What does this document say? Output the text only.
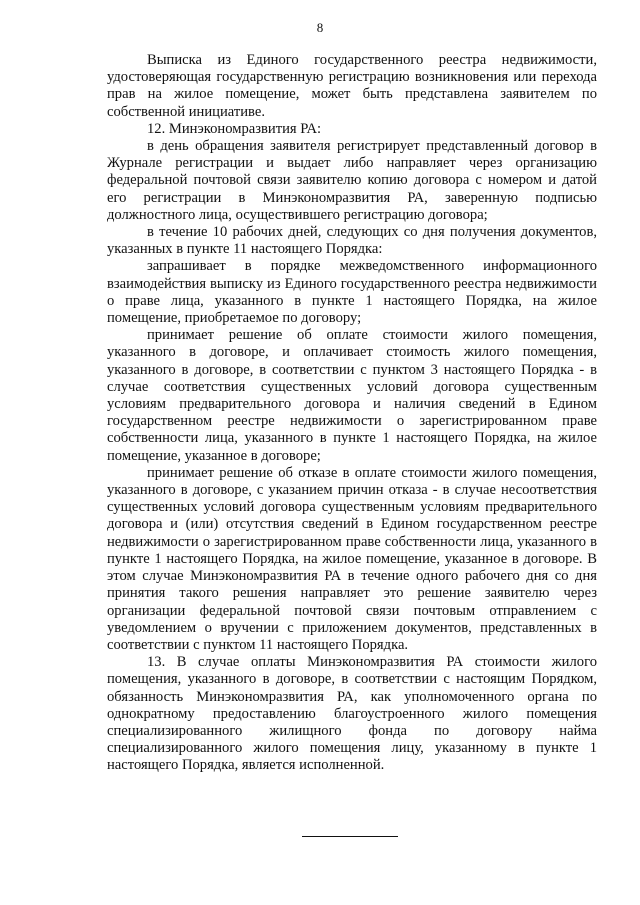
8

Выписка из Единого государственного реестра недвижимости, удостоверяющая государственную регистрацию возникновения или перехода прав на жилое помещение, может быть представлена заявителем по собственной инициативе.

12. Минэкономразвития РА:

в день обращения заявителя регистрирует представленный договор в Журнале регистрации и выдает либо направляет через организацию федеральной почтовой связи заявителю копию договора с номером и датой его регистрации в Минэкономразвития РА, заверенную подписью должностного лица, осуществившего регистрацию договора;

в течение 10 рабочих дней, следующих со дня получения документов, указанных в пункте 11 настоящего Порядка:

запрашивает в порядке межведомственного информационного взаимодействия выписку из Единого государственного реестра недвижимости о праве лица, указанного в пункте 1 настоящего Порядка, на жилое помещение, приобретаемое по договору;

принимает решение об оплате стоимости жилого помещения, указанного в договоре, и оплачивает стоимость жилого помещения, указанного в договоре, в соответствии с пунктом 3 настоящего Порядка - в случае соответствия существенных условий договора существенным условиям предварительного договора и наличия сведений в Едином государственном реестре недвижимости о зарегистрированном праве собственности лица, указанного в пункте 1 настоящего Порядка, на жилое помещение, указанное в договоре;

принимает решение об отказе в оплате стоимости жилого помещения, указанного в договоре, с указанием причин отказа - в случае несоответствия существенных условий договора существенным условиям предварительного договора и (или) отсутствия сведений в Едином государственном реестре недвижимости о зарегистрированном праве собственности лица, указанного в пункте 1 настоящего Порядка, на жилое помещение, указанное в договоре. В этом случае Минэкономразвития РА в течение одного рабочего дня со дня принятия такого решения направляет это решение заявителю через организации федеральной почтовой связи почтовым отправлением с уведомлением о вручении с приложением документов, представленных в соответствии с пунктом 11 настоящего Порядка.

13. В случае оплаты Минэкономразвития РА стоимости жилого помещения, указанного в договоре, в соответствии с настоящим Порядком, обязанность Минэкономразвития РА, как уполномоченного органа по однократному предоставлению благоустроенного жилого помещения специализированного жилищного фонда по договору найма специализированного жилого помещения лицу, указанному в пункте 1 настоящего Порядка, является исполненной.
